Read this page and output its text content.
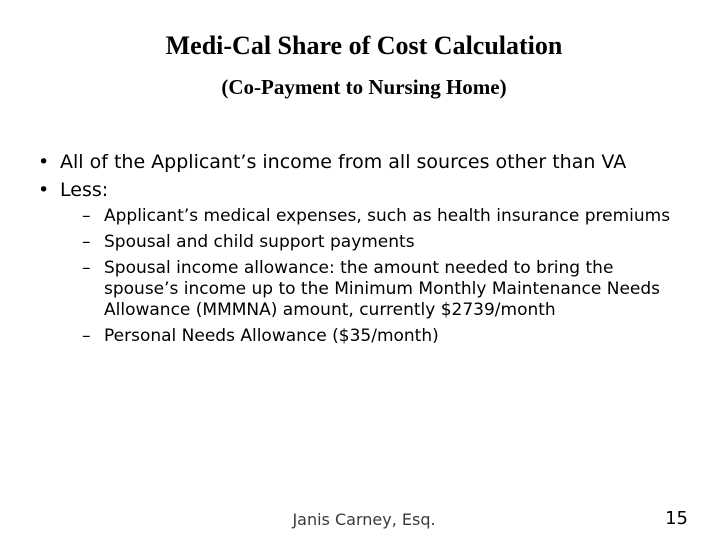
Medi-Cal Share of Cost Calculation
(Co-Payment to Nursing Home)
• All of the Applicant’s income from all sources other than VA
• Less:
– Applicant’s medical expenses, such as health insurance premiums
– Spousal and child support payments
– Spousal income allowance: the amount needed to bring the spouse’s income up to the Minimum Monthly Maintenance Needs Allowance (MMMNA) amount, currently $2739/month
– Personal Needs Allowance ($35/month)
Janis Carney, Esq.	15
